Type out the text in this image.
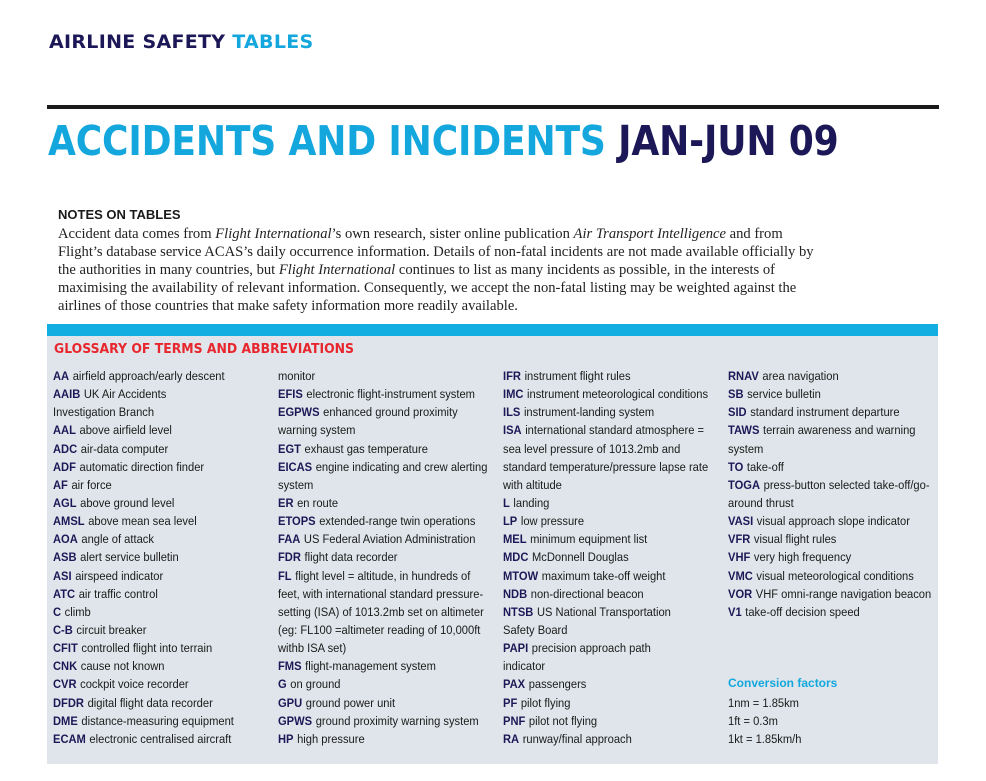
AIRLINE SAFETY TABLES
ACCIDENTS AND INCIDENTS JAN-JUN 09
NOTES ON TABLES
Accident data comes from Flight International’s own research, sister online publication Air Transport Intelligence and from Flight’s database service ACAS’s daily occurrence information. Details of non-fatal incidents are not made available officially by the authorities in many countries, but Flight International continues to list as many incidents as possible, in the interests of maximising the availability of relevant information. Consequently, we accept the non-fatal listing may be weighted against the airlines of those countries that make safety information more readily available.
GLOSSARY OF TERMS AND ABBREVIATIONS
AA airfield approach/early descent
AAIB UK Air Accidents
Investigation Branch
AAL above airfield level
ADC air-data computer
ADF automatic direction finder
AF air force
AGL above ground level
AMSL above mean sea level
AOA angle of attack
ASB alert service bulletin
ASI airspeed indicator
ATC air traffic control
C climb
C-B circuit breaker
CFIT controlled flight into terrain
CNK cause not known
CVR cockpit voice recorder
DFDR digital flight data recorder
DME distance-measuring equipment
ECAM electronic centralised aircraft
monitor
EFIS electronic flight-instrument system
EGPWS enhanced ground proximity
warning system
EGT exhaust gas temperature
EICAS engine indicating and crew alerting
system
ER en route
ETOPS extended-range twin operations
FAA US Federal Aviation Administration
FDR flight data recorder
FL flight level = altitude, in hundreds of
feet, with international standard pressure-
setting (ISA) of 1013.2mb set on altimeter
(eg: FL100 =altimeter reading of 10,000ft
withb ISA set)
FMS flight-management system
G on ground
GPU ground power unit
GPWS ground proximity warning system
HP high pressure
IFR instrument flight rules
IMC instrument meteorological conditions
ILS instrument-landing system
ISA international standard atmosphere =
sea level pressure of 1013.2mb and
standard temperature/pressure lapse rate
with altitude
L landing
LP low pressure
MEL minimum equipment list
MDC McDonnell Douglas
MTOW maximum take-off weight
NDB non-directional beacon
NTSB US National Transportation
Safety Board
PAPI precision approach path
indicator
PAX passengers
PF pilot flying
PNF pilot not flying
RA runway/final approach
RNAV area navigation
SB service bulletin
SID standard instrument departure
TAWS terrain awareness and warning
system
TO take-off
TOGA press-button selected take-off/go-
around thrust
VASI visual approach slope indicator
VFR visual flight rules
VHF very high frequency
VMC visual meteorological conditions
VOR VHF omni-range navigation beacon
V1 take-off decision speed
Conversion factors
1nm = 1.85km
1ft = 0.3m
1kt = 1.85km/h
